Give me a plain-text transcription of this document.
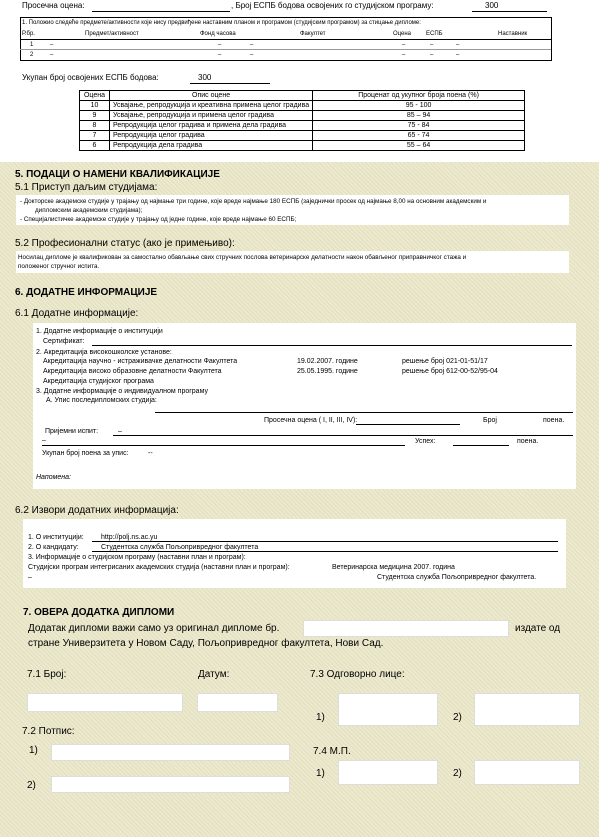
Просечна оцена:	, Број ЕСПБ бодова освојених го студијском програму:	300
1. Положио следеће предмете/активности које нису предвиђене наставним планом и програмом (студијским програмом) за стицање дипломе:
Р.бр.	Предмет/активност	Фонд часова	Факултет	Оцена ЕСПБ	Наставник
1	–	–	–	–	–	–
2	–	–	–	–	–	–
Укупан број освојених ЕСПБ бодова:	300
Оцена	Опис оцене	Проценат од укупног броја поена (%)
10	Усвајање, репродукција и креативна примена целог градива	95 - 100
9	Усвајање, репродукција и примена целог градива	85 – 94
8	Репродукција целог градива и примена дела градива	75 - 84
7	Репродукција целог градива	65 - 74
6	Репродукција дела градива	55 – 64
5. ПОДАЦИ О НАМЕНИ КВАЛИФИКАЦИЈЕ
5.1 Приступ даљим студијама:
- Докторске академске студије у трајању од најмање три године, које вреде најмање 180 ЕСПБ (заједнички просек од најмање 8,00 на основним академским и
дипломским академским студијама);
- Специјалистичке академске студије у трајању од једне године, које вреде најмање 60 ЕСПБ;
5.2 Професионални статус (ако је примењиво):
Носилац дипломе је квалификован за самостално обављање свих стручних послова ветеринарске делатности након обављеног приправничког стажа и
положеног стручног испита.
6. ДОДАТНЕ ИНФОРМАЦИЈЕ
6.1 Додатне информације:
1. Додатне информације о институцији
Сертификат:
2. Акредитација високошколске установе:
Акредитација научно - истраживачке делатности Факултета	19.02.2007. године	решење број 021-01-51/17
Акредитација високо образовне делатности Факултета	25.05.1995. године	решење број 612-00-52/95-04
Акредитација студијског програма
3. Додатне информације о индивидуалном програму
А. Упис последипломских студија:
Просечна оцена ( I, II, III, IV):	Број	поена.
Пријемни испит:	–
–	Успех:	поена.
Укупан број поена за упис:	--
Напомена:
6.2 Извори додатних информација:
1. О институцији: http://polj.ns.ac.yu
2. О кандидату:	Студентска служба Пољопривредног факултета
3. Информације о студијском програму (наставни план и програм):
Студијски програм интегрисаних академских студија (наставни план и програм):	Ветеринарска медицина 2007. година
–	Студентска служба Пољопривредног факултета.
7. ОВЕРА ДОДАТКА ДИПЛОМИ
Додатак дипломи важи само уз оригинал дипломе бр.	издате од
стране Универзитета у Новом Саду, Пољопривредног факултета, Нови Сад.
7.1 Број:	Датум:	7.3 Одговорно лице:
1)	2)
7.2 Потпис:
1)	7.4 М.П.
1)	2)
2)
